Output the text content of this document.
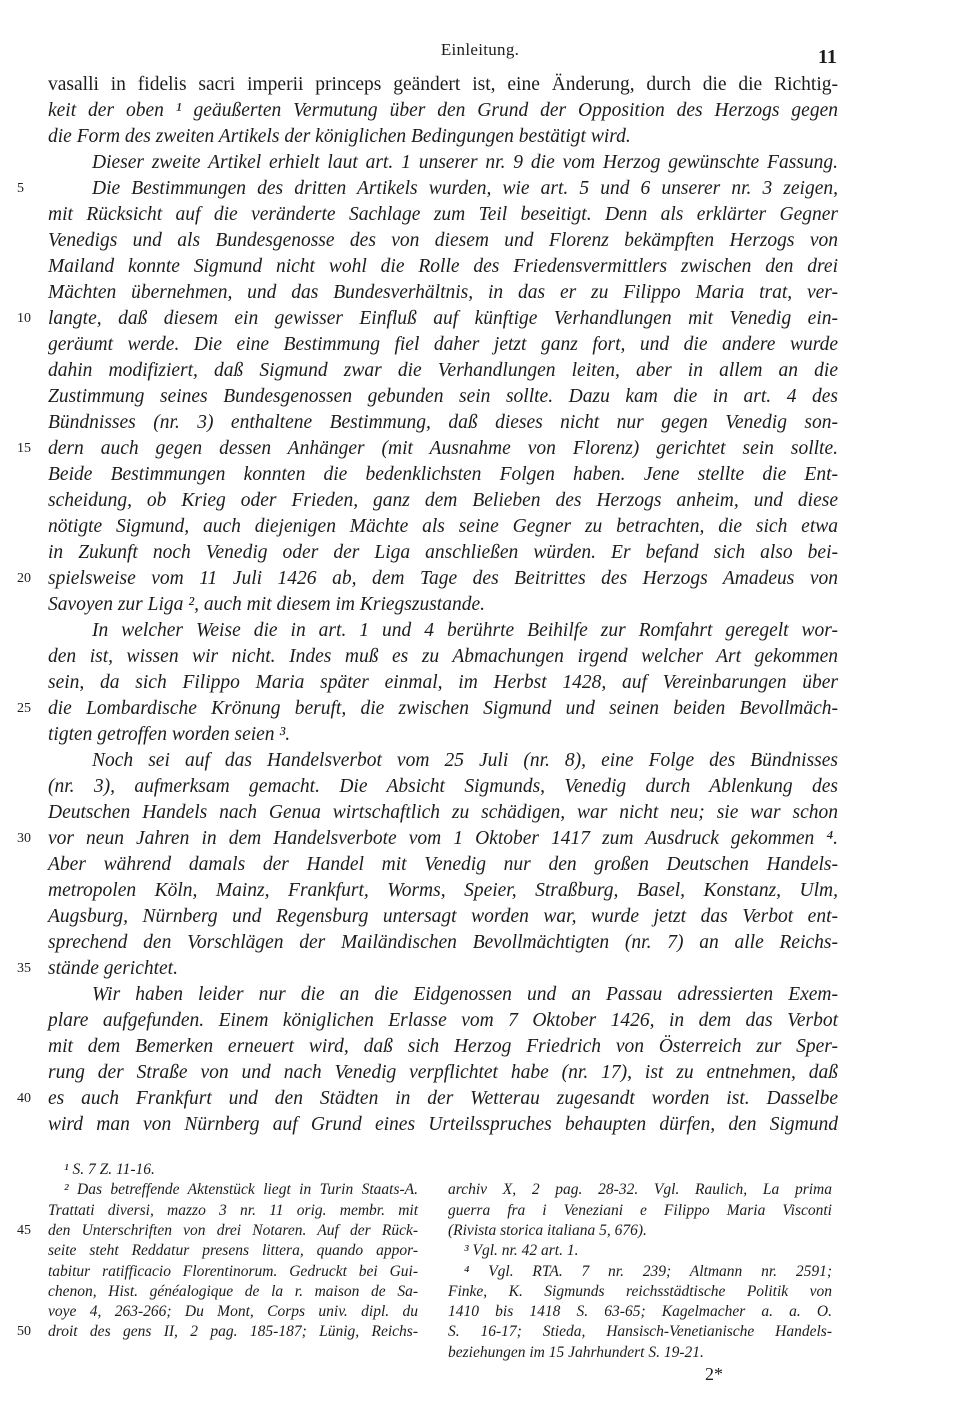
Einleitung.	11
vasalli in fidelis sacri imperii princeps geändert ist, eine Änderung, durch die die Richtig-
keit der oben ¹ geäußerten Vermutung über den Grund der Opposition des Herzogs gegen
die Form des zweiten Artikels der königlichen Bedingungen bestätigt wird.
Dieser zweite Artikel erhielt laut art. 1 unserer nr. 9 die vom Herzog gewünschte Fassung.
Die Bestimmungen des dritten Artikels wurden, wie art. 5 und 6 unserer nr. 3 zeigen,
mit Rücksicht auf die veränderte Sachlage zum Teil beseitigt. Denn als erklärter Gegner
Venedigs und als Bundesgenosse des von diesem und Florenz bekämpften Herzogs von
Mailand konnte Sigmund nicht wohl die Rolle des Friedensvermittlers zwischen den drei
Mächten übernehmen, und das Bundesverhältnis, in das er zu Filippo Maria trat, ver-
langte, daß diesem ein gewisser Einfluß auf künftige Verhandlungen mit Venedig ein-
geräumt werde. Die eine Bestimmung fiel daher jetzt ganz fort, und die andere wurde
dahin modifiziert, daß Sigmund zwar die Verhandlungen leiten, aber in allem an die
Zustimmung seines Bundesgenossen gebunden sein sollte. Dazu kam die in art. 4 des
Bündnisses (nr. 3) enthaltene Bestimmung, daß dieses nicht nur gegen Venedig son-
dern auch gegen dessen Anhänger (mit Ausnahme von Florenz) gerichtet sein sollte.
Beide Bestimmungen konnten die bedenklichsten Folgen haben. Jene stellte die Ent-
scheidung, ob Krieg oder Frieden, ganz dem Belieben des Herzogs anheim, und diese
nötigte Sigmund, auch diejenigen Mächte als seine Gegner zu betrachten, die sich etwa
in Zukunft noch Venedig oder der Liga anschließen würden. Er befand sich also bei-
spielsweise vom 11 Juli 1426 ab, dem Tage des Beitrittes des Herzogs Amadeus von
Savoyen zur Liga ², auch mit diesem im Kriegszustande.
In welcher Weise die in art. 1 und 4 berührte Beihilfe zur Romfahrt geregelt wor-
den ist, wissen wir nicht. Indes muß es zu Abmachungen irgend welcher Art gekommen
sein, da sich Filippo Maria später einmal, im Herbst 1428, auf Vereinbarungen über
die Lombardische Krönung beruft, die zwischen Sigmund und seinen beiden Bevollmäch-
tigten getroffen worden seien ³.
Noch sei auf das Handelsverbot vom 25 Juli (nr. 8), eine Folge des Bündnisses
(nr. 3), aufmerksam gemacht. Die Absicht Sigmunds, Venedig durch Ablenkung des
Deutschen Handels nach Genua wirtschaftlich zu schädigen, war nicht neu; sie war schon
vor neun Jahren in dem Handelsverbote vom 1 Oktober 1417 zum Ausdruck gekommen ⁴.
Aber während damals der Handel mit Venedig nur den großen Deutschen Handels-
metropolen Köln, Mainz, Frankfurt, Worms, Speier, Straßburg, Basel, Konstanz, Ulm,
Augsburg, Nürnberg und Regensburg untersagt worden war, wurde jetzt das Verbot ent-
sprechend den Vorschlägen der Mailändischen Bevollmächtigten (nr. 7) an alle Reichs-
stände gerichtet.
Wir haben leider nur die an die Eidgenossen und an Passau adressierten Exem-
plare aufgefunden. Einem königlichen Erlasse vom 7 Oktober 1426, in dem das Verbot
mit dem Bemerken erneuert wird, daß sich Herzog Friedrich von Österreich zur Sper-
rung der Straße von und nach Venedig verpflichtet habe (nr. 17), ist zu entnehmen, daß
es auch Frankfurt und den Städten in der Wetterau zugesandt worden ist. Dasselbe
wird man von Nürnberg auf Grund eines Urteilsspruches behaupten dürfen, den Sigmund
5
10
15
20
25
30
35
40
¹ S. 7 Z. 11-16.
² Das betreffende Aktenstück liegt in Turin Staats-A.
Trattati diversi, mazzo 3 nr. 11 orig. membr. mit
den Unterschriften von drei Notaren. Auf der Rück-
seite steht Reddatur presens littera, quando appor-
tabitur ratifficacio Florentinorum. Gedruckt bei Gui-
chenon, Hist. généalogique de la r. maison de Sa-
voye 4, 263-266; Du Mont, Corps univ. dipl. du
droit des gens II, 2 pag. 185-187; Lünig, Reichs-
archiv X, 2 pag. 28-32. Vgl. Raulich, La prima
guerra fra i Veneziani e Filippo Maria Visconti
(Rivista storica italiana 5, 676).
³ Vgl. nr. 42 art. 1.
⁴ Vgl. RTA. 7 nr. 239; Altmann nr. 2591;
Finke, K. Sigmunds reichsstädtische Politik von
1410 bis 1418 S. 63-65; Kagelmacher a. a. O.
S. 16-17; Stieda, Hansisch-Venetianische Handels-
beziehungen im 15 Jahrhundert S. 19-21.
45
50
2*
